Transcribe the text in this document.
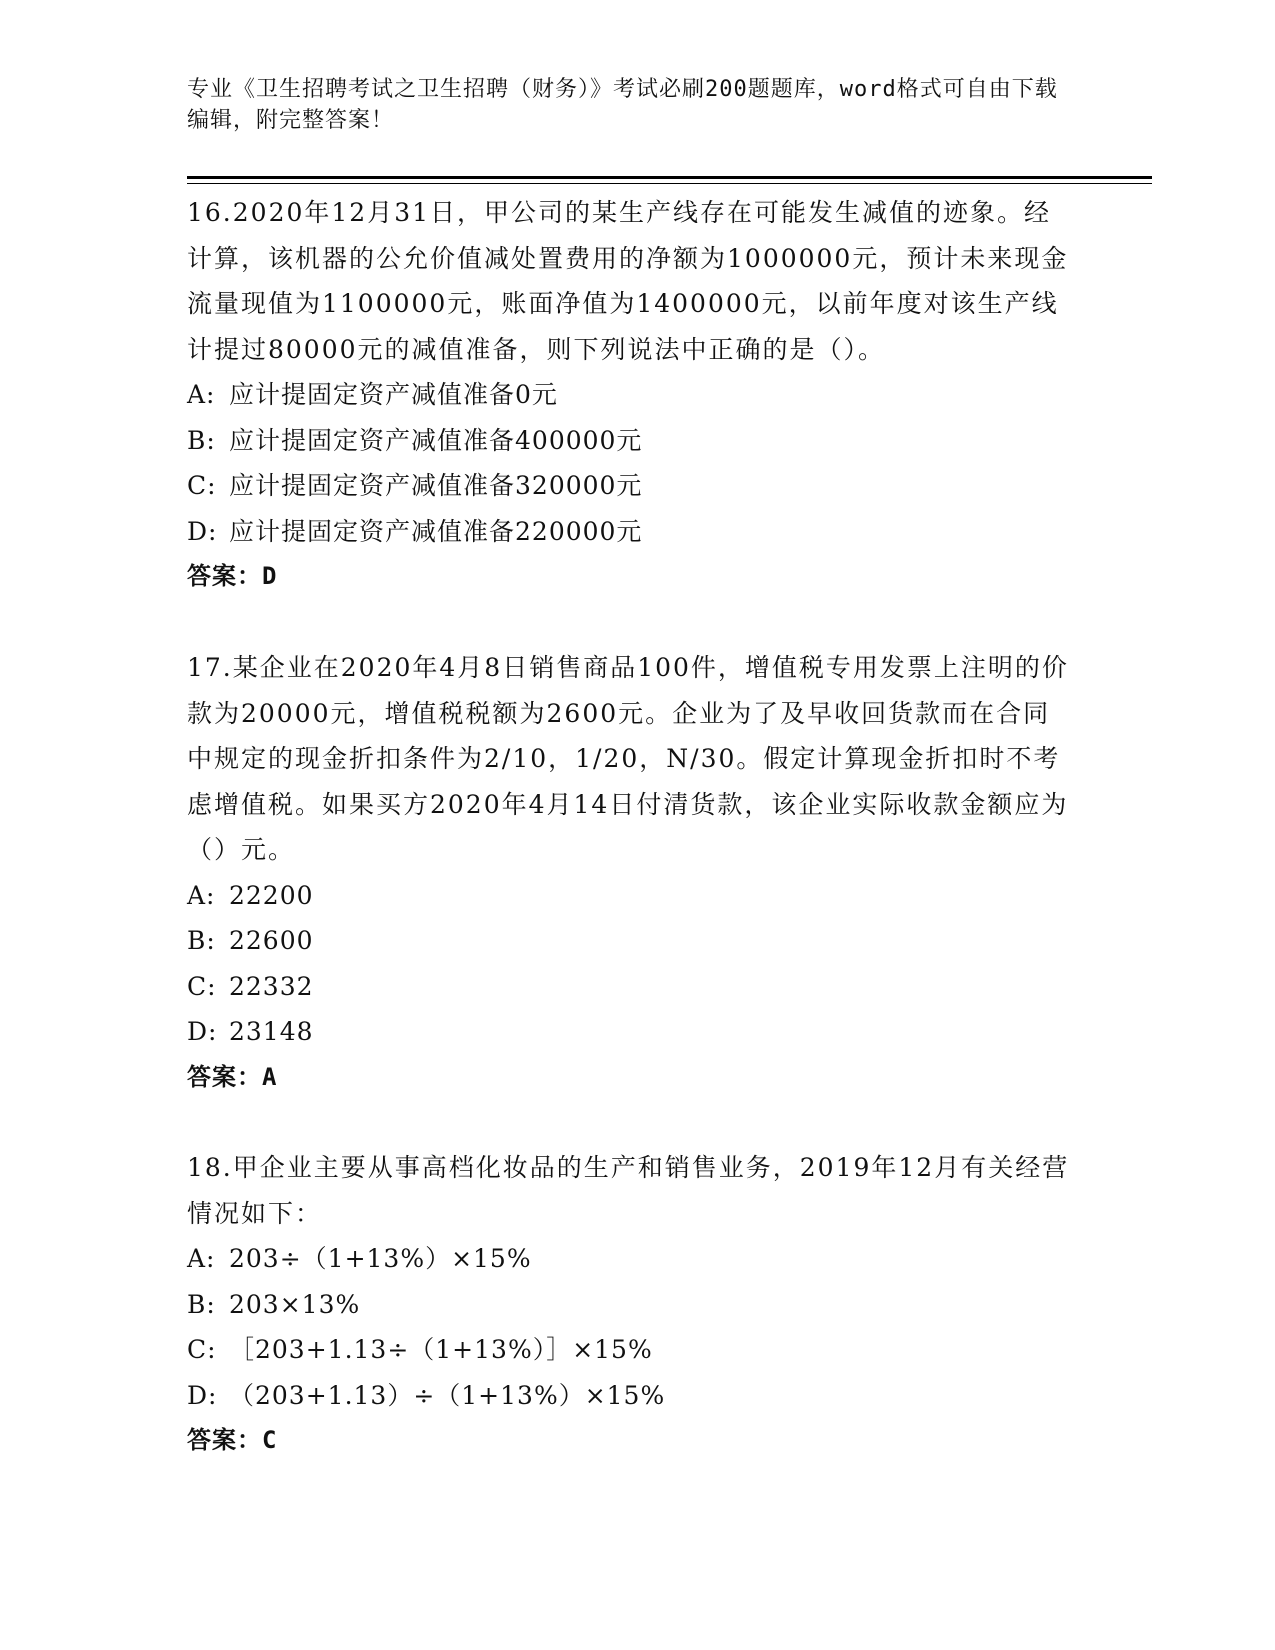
专业《卫生招聘考试之卫生招聘（财务）》考试必刷200题题库，word格式可自由下载编辑，附完整答案！
16.2020年12月31日，甲公司的某生产线存在可能发生减值的迹象。经计算，该机器的公允价值减处置费用的净额为1000000元，预计未来现金流量现值为1100000元，账面净值为1400000元，以前年度对该生产线计提过80000元的减值准备，则下列说法中正确的是（）。
A: 应计提固定资产减值准备0元
B: 应计提固定资产减值准备400000元
C: 应计提固定资产减值准备320000元
D: 应计提固定资产减值准备220000元
答案：D
17.某企业在2020年4月8日销售商品100件，增值税专用发票上注明的价款为20000元，增值税税额为2600元。企业为了及早收回货款而在合同中规定的现金折扣条件为2/10，1/20，N/30。假定计算现金折扣时不考虑增值税。如果买方2020年4月14日付清货款，该企业实际收款金额应为（）元。
A: 22200
B: 22600
C: 22332
D: 23148
答案：A
18.甲企业主要从事高档化妆品的生产和销售业务，2019年12月有关经营情况如下：
A: 203÷（1+13%）×15%
B: 203×13%
C: ［203+1.13÷（1+13%）］×15%
D: （203+1.13）÷（1+13%）×15%
答案：C
